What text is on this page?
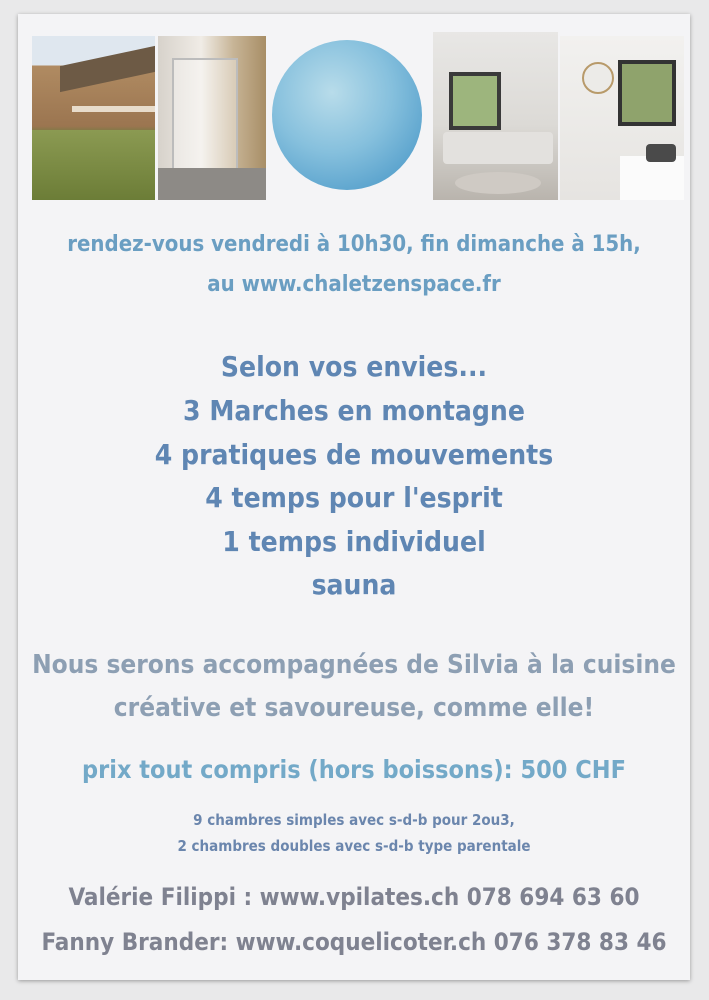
rendez-vous vendredi à 10h30, fin dimanche à 15h,

au www.chaletzenspace.fr

Selon vos envies...

3 Marches en montagne

4 pratiques de mouvements

4 temps pour l'esprit

1 temps individuel

sauna

Nous serons accompagnées de Silvia à la cuisine

créative et savoureuse, comme elle!

prix tout compris (hors boissons): 500 CHF

9 chambres simples avec s-d-b pour 2ou3,

2 chambres doubles avec s-d-b type parentale

Valérie Filippi : www.vpilates.ch 078 694 63 60

Fanny Brander: www.coquelicoter.ch 076 378 83 46
